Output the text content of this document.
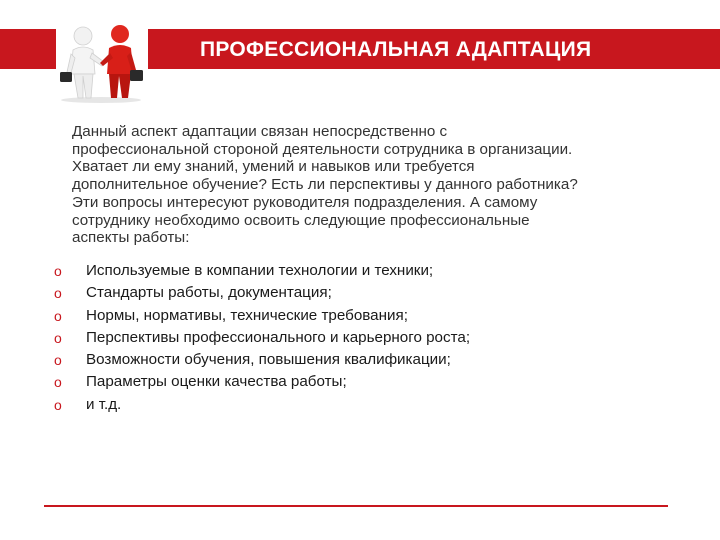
ПРОФЕССИОНАЛЬНАЯ АДАПТАЦИЯ
Данный аспект адаптации связан непосредственно с
профессиональной стороной деятельности сотрудника в организации.
Хватает ли ему знаний, умений и навыков или требуется
дополнительное обучение? Есть ли перспективы у данного работника?
Эти вопросы интересуют руководителя подразделения. А самому
сотруднику необходимо освоить следующие профессиональные
аспекты работы:
o	Используемые в компании технологии и техники;
o	Стандарты работы, документация;
o	Нормы, нормативы, технические требования;
o	Перспективы профессионального и карьерного роста;
o	Возможности обучения, повышения квалификации;
o	Параметры оценки качества работы;
o	и т.д.
